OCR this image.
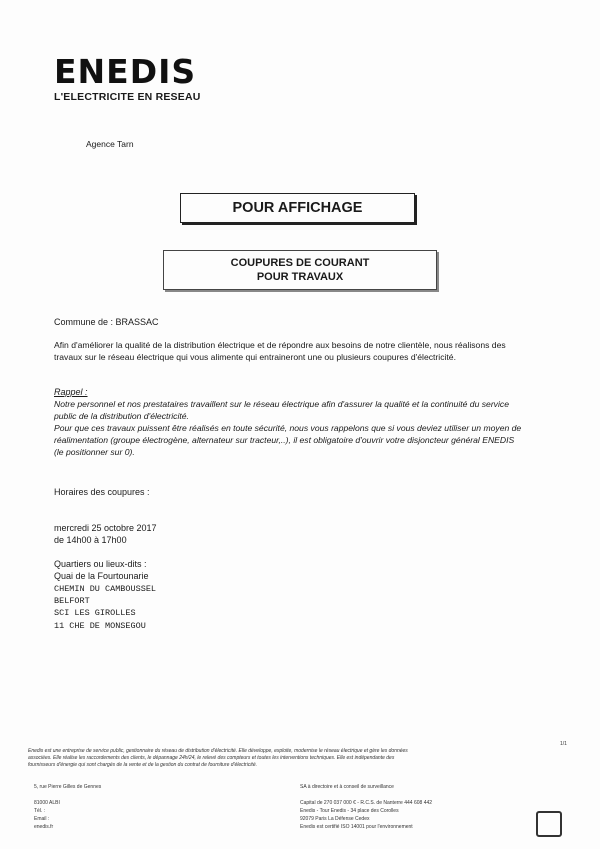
ENEDIS
L'ELECTRICITE EN RESEAU
Agence Tarn
POUR AFFICHAGE
COUPURES DE COURANT
POUR TRAVAUX
Commune de : BRASSAC
Afin d'améliorer la qualité de la distribution électrique et de répondre aux besoins de notre clientèle, nous réalisons des
travaux sur le réseau électrique qui vous alimente qui entraineront une ou plusieurs coupures d'électricité.
Rappel :
Notre personnel et nos prestataires travaillent sur le réseau électrique afin d'assurer la qualité et la continuité du service
public de la distribution d'électricité.
Pour que ces travaux puissent être réalisés en toute sécurité, nous vous rappelons que si vous deviez utiliser un moyen de
réalimentation (groupe électrogène, alternateur sur tracteur,..), il est obligatoire d'ouvrir votre disjoncteur général ENEDIS
(le positionner sur 0).
Horaires des coupures :
mercredi 25 octobre 2017
de 14h00 à 17h00
Quartiers ou lieux-dits :
Quai de la Fourtounarie
CHEMIN DU CAMBOUSSEL
BELFORT
SCI LES GIROLLES
11 CHE DE MONSEGOU
1/1
Enedis est une entreprise de service public, gestionnaire du réseau de distribution d'électricité. Elle développe, exploite, modernise le réseau électrique et gère les données
associées. Elle réalise les raccordements des clients, le dépannage 24h/24, le relevé des compteurs et toutes les interventions techniques. Elle est indépendante des
fournisseurs d'énergie qui sont chargés de la vente et de la gestion du contrat de fourniture d'électricité.
5, rue Pierre Gilles de Gennes
81000 ALBI
Tél. :
Email :
enedis.fr
SA à directoire et à conseil de surveillance
Capital de 270 037 000 € - R.C.S. de Nanterre 444 608 442
Enedis - Tour Enedis - 34 place des Corolles
92079 Paris La Défense Cedex
Enedis est certifié ISO 14001 pour l'environnement
